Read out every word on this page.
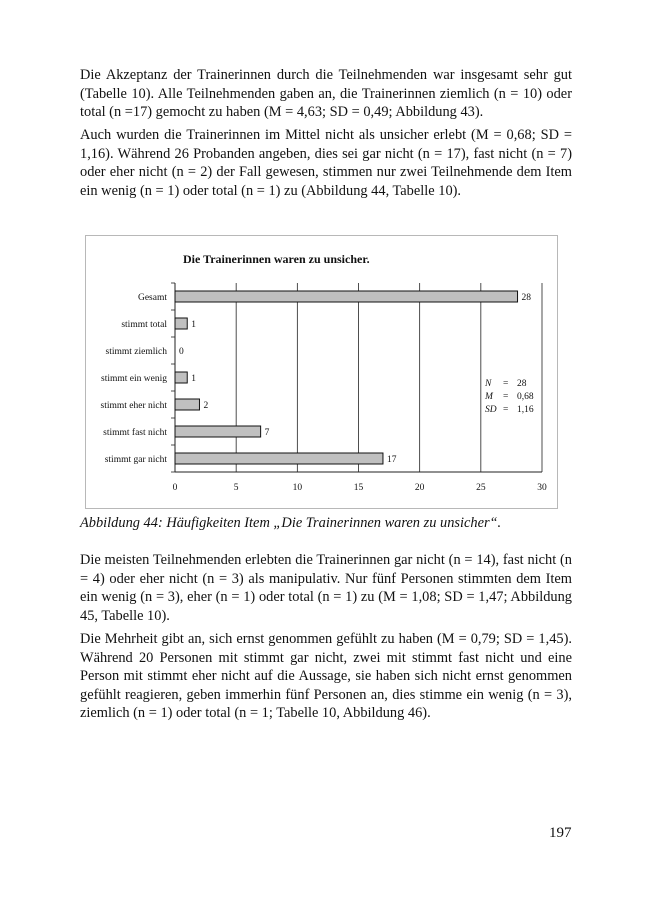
Die Akzeptanz der Trainerinnen durch die Teilnehmenden war insgesamt sehr gut (Tabelle 10). Alle Teilnehmenden gaben an, die Trainerinnen ziemlich (n = 10) oder total (n =17) gemocht zu haben (M = 4,63; SD = 0,49; Abbildung 43).

Auch wurden die Trainerinnen im Mittel nicht als unsicher erlebt (M = 0,68; SD = 1,16). Während 26 Probanden angeben, dies sei gar nicht (n = 17), fast nicht (n = 7) oder eher nicht (n = 2) der Fall gewesen, stimmen nur zwei Teilnehmende dem Item ein wenig (n = 1) oder total (n = 1) zu (Abbildung 44, Tabelle 10).

Die Trainerinnen waren zu unsicher.

0	5	10	15	20	25	30
Gesamt	28
stimmt total	1
stimmt ziemlich 0
stimmt ein wenig	1
stimmt eher nicht	2
stimmt fast nicht	7
stimmt gar nicht	17
N = 28
M = 0,68
SD = 1,16

Abbildung 44: Häufigkeiten Item „Die Trainerinnen waren zu unsicher“.

Die meisten Teilnehmenden erlebten die Trainerinnen gar nicht (n = 14), fast nicht (n = 4) oder eher nicht (n = 3) als manipulativ. Nur fünf Personen stimmten dem Item ein wenig (n = 3), eher (n = 1) oder total (n = 1) zu (M = 1,08; SD = 1,47; Abbildung 45, Tabelle 10).

Die Mehrheit gibt an, sich ernst genommen gefühlt zu haben (M = 0,79; SD = 1,45). Während 20 Personen mit stimmt gar nicht, zwei mit stimmt fast nicht und eine Person mit stimmt eher nicht auf die Aussage, sie haben sich nicht ernst genommen gefühlt reagieren, geben immerhin fünf Personen an, dies stimme ein wenig (n = 3), ziemlich (n = 1) oder total (n = 1; Tabelle 10, Abbildung 46).

197
